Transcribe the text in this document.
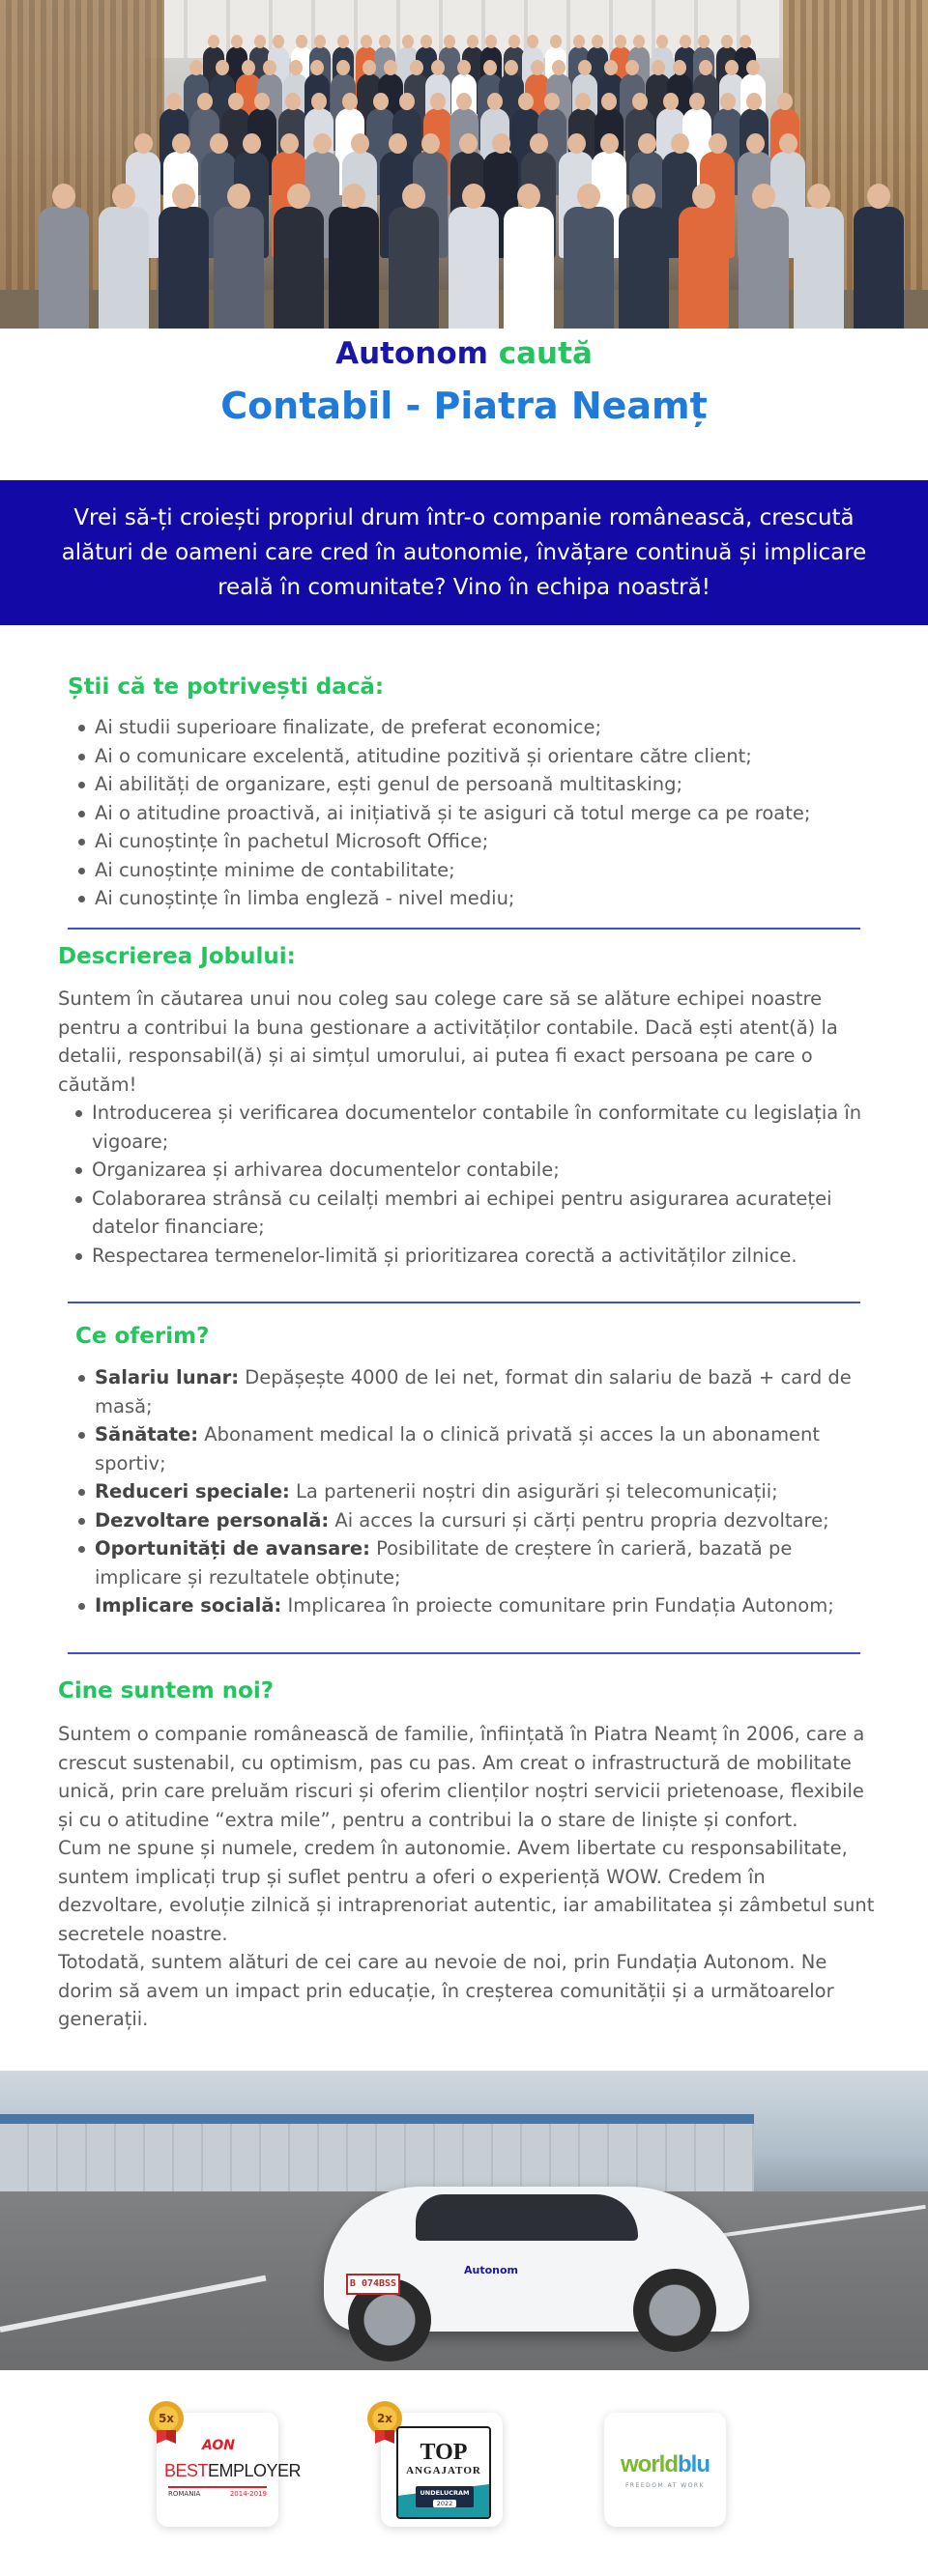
Autonom caută
Contabil - Piatra Neamț

Vrei să-ți croiești propriul drum într-o companie românească, crescută alături de oameni care cred în autonomie, învățare continuă și implicare reală în comunitate? Vino în echipa noastră!

Știi că te potrivești dacă:
Ai studii superioare finalizate, de preferat economice;
Ai o comunicare excelentă, atitudine pozitivă și orientare către client;
Ai abilități de organizare, ești genul de persoană multitasking;
Ai o atitudine proactivă, ai inițiativă și te asiguri că totul merge ca pe roate;
Ai cunoștințe în pachetul Microsoft Office;
Ai cunoștințe minime de contabilitate;
Ai cunoștințe în limba engleză - nivel mediu;
Descrierea Jobului:

Suntem în căutarea unui nou coleg sau colege care să se alăture echipei noastre pentru a contribui la buna gestionare a activităților contabile. Dacă ești atent(ă) la detalii, responsabil(ă) și ai simțul umorului, ai putea fi exact persoana pe care o căutăm!

Introducerea și verificarea documentelor contabile în conformitate cu legislația în vigoare;
Organizarea și arhivarea documentelor contabile;
Colaborarea strânsă cu ceilalți membri ai echipei pentru asigurarea acurateței datelor financiare;
Respectarea termenelor-limită și prioritizarea corectă a activităților zilnice.
Ce oferim?
Salariu lunar: Depășește 4000 de lei net, format din salariu de bază + card de masă;
Sănătate: Abonament medical la o clinică privată și acces la un abonament sportiv;
Reduceri speciale: La partenerii noștri din asigurări și telecomunicații;
Dezvoltare personală: Ai acces la cursuri și cărți pentru propria dezvoltare;
Oportunități de avansare: Posibilitate de creștere în carieră, bazată pe implicare și rezultatele obținute;
Implicare socială: Implicarea în proiecte comunitare prin Fundația Autonom;
Cine suntem noi?

Suntem o companie românească de familie, înființată în Piatra Neamț în 2006, care a crescut sustenabil, cu optimism, pas cu pas. Am creat o infrastructură de mobilitate unică, prin care preluăm riscuri și oferim clienților noștri servicii prietenoase, flexibile și cu o atitudine “extra mile”, pentru a contribui la o stare de liniște și confort.

Cum ne spune și numele, credem în autonomie. Avem libertate cu responsabilitate, suntem implicați trup și suflet pentru a oferi o experiență WOW. Credem în dezvoltare, evoluție zilnică și intraprenoriat autentic, iar amabilitatea și zâmbetul sunt secretele noastre.

Totodată, suntem alături de cei care au nevoie de noi, prin Fundația Autonom. Ne dorim să avem un impact prin educație, în creșterea comunității și a următoarelor generații.

B 074BSS
Autonom
5x
AON
BESTEMPLOYER
ROMANIA	2014-2019
2x
TOP
ANGAJATOR
UNDELUCRAM
2022
worldblu
FREEDOM AT WORK
